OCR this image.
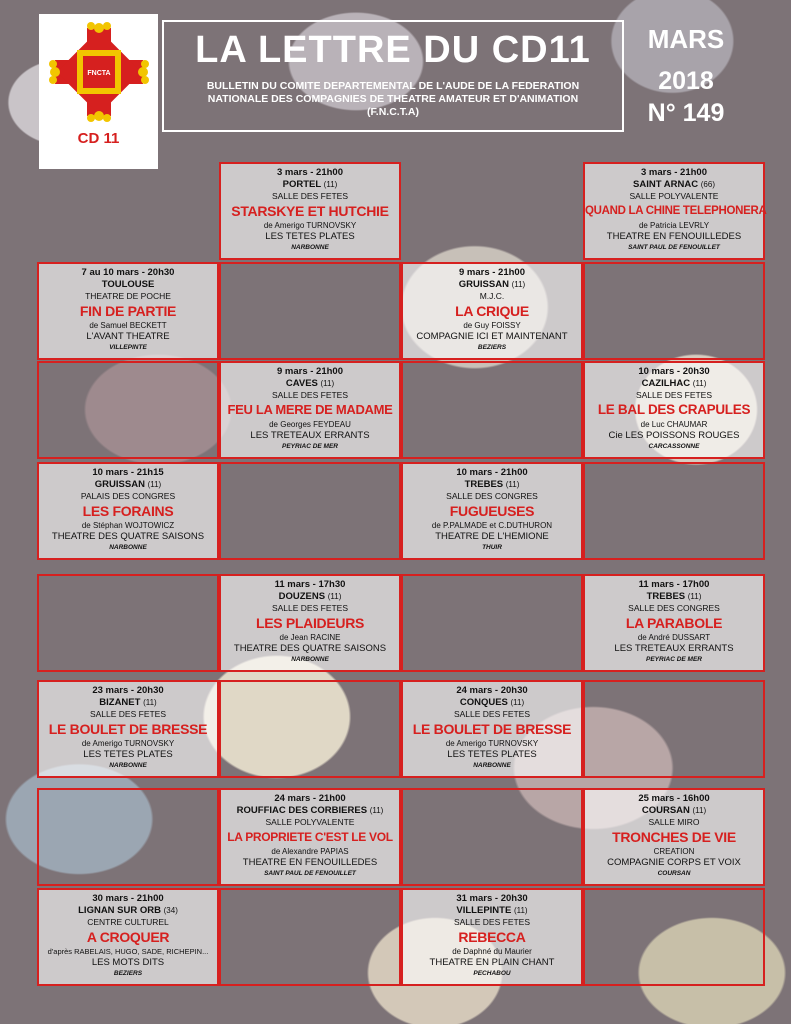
FNCTA
CD 11
LA LETTRE DU CD11
BULLETIN DU COMITE DEPARTEMENTAL DE L'AUDE DE LA FEDERATION
NATIONALE DES COMPAGNIES DE THEATRE AMATEUR ET D'ANIMATION
(F.N.C.T.A)
MARS
2018
N° 149
3 mars - 21h00
PORTEL (11)
SALLE DES FETES
STARSKYE ET HUTCHIE
de Amerigo TURNOVSKY
LES TETES PLATES
NARBONNE
3 mars - 21h00
SAINT ARNAC (66)
SALLE POLYVALENTE
QUAND LA CHINE TELEPHONERA
de Patricia LEVRLY
THEATRE EN FENOUILLEDES
SAINT PAUL DE FENOUILLET
7 au 10 mars - 20h30
TOULOUSE
THEATRE DE POCHE
FIN DE PARTIE
de Samuel BECKETT
L'AVANT THEATRE
VILLEPINTE
9 mars - 21h00
GRUISSAN (11)
M.J.C.
LA CRIQUE
de Guy FOISSY
COMPAGNIE ICI ET MAINTENANT
BEZIERS
9 mars - 21h00
CAVES (11)
SALLE DES FETES
FEU LA MERE DE MADAME
de Georges FEYDEAU
LES TRETEAUX ERRANTS
PEYRIAC DE MER
10 mars - 20h30
CAZILHAC (11)
SALLE DES FETES
LE BAL DES CRAPULES
de Luc CHAUMAR
Cie LES POISSONS ROUGES
CARCASSONNE
10 mars - 21h15
GRUISSAN (11)
PALAIS DES CONGRES
LES FORAINS
de Stéphan WOJTOWICZ
THEATRE DES QUATRE SAISONS
NARBONNE
10 mars - 21h00
TREBES (11)
SALLE DES CONGRES
FUGUEUSES
de P.PALMADE et C.DUTHURON
THEATRE DE L'HEMIONE
THUIR
11 mars - 17h30
DOUZENS (11)
SALLE DES FETES
LES PLAIDEURS
de Jean RACINE
THEATRE DES QUATRE SAISONS
NARBONNE
11 mars - 17h00
TREBES (11)
SALLE DES CONGRES
LA PARABOLE
de André DUSSART
LES TRETEAUX ERRANTS
PEYRIAC DE MER
23 mars - 20h30
BIZANET (11)
SALLE DES FETES
LE BOULET DE BRESSE
de Amerigo TURNOVSKY
LES TETES PLATES
NARBONNE
24 mars - 20h30
CONQUES (11)
SALLE DES FETES
LE BOULET DE BRESSE
de Amerigo TURNOVSKY
LES TETES PLATES
NARBONNE
24 mars - 21h00
ROUFFIAC DES CORBIERES (11)
SALLE POLYVALENTE
LA PROPRIETE C'EST LE VOL
de Alexandre PAPIAS
THEATRE EN FENOUILLEDES
SAINT PAUL DE FENOUILLET
25 mars - 16h00
COURSAN (11)
SALLE MIRO
TRONCHES DE VIE
CREATION
COMPAGNIE CORPS ET VOIX
COURSAN
30 mars - 21h00
LIGNAN SUR ORB (34)
CENTRE CULTUREL
A CROQUER
d'après RABELAIS, HUGO, SADE, RICHEPIN...
LES MOTS DITS
BEZIERS
31 mars - 20h30
VILLEPINTE (11)
SALLE DES FETES
REBECCA
de Daphné du Maurier
THEATRE EN PLAIN CHANT
PECHABOU
